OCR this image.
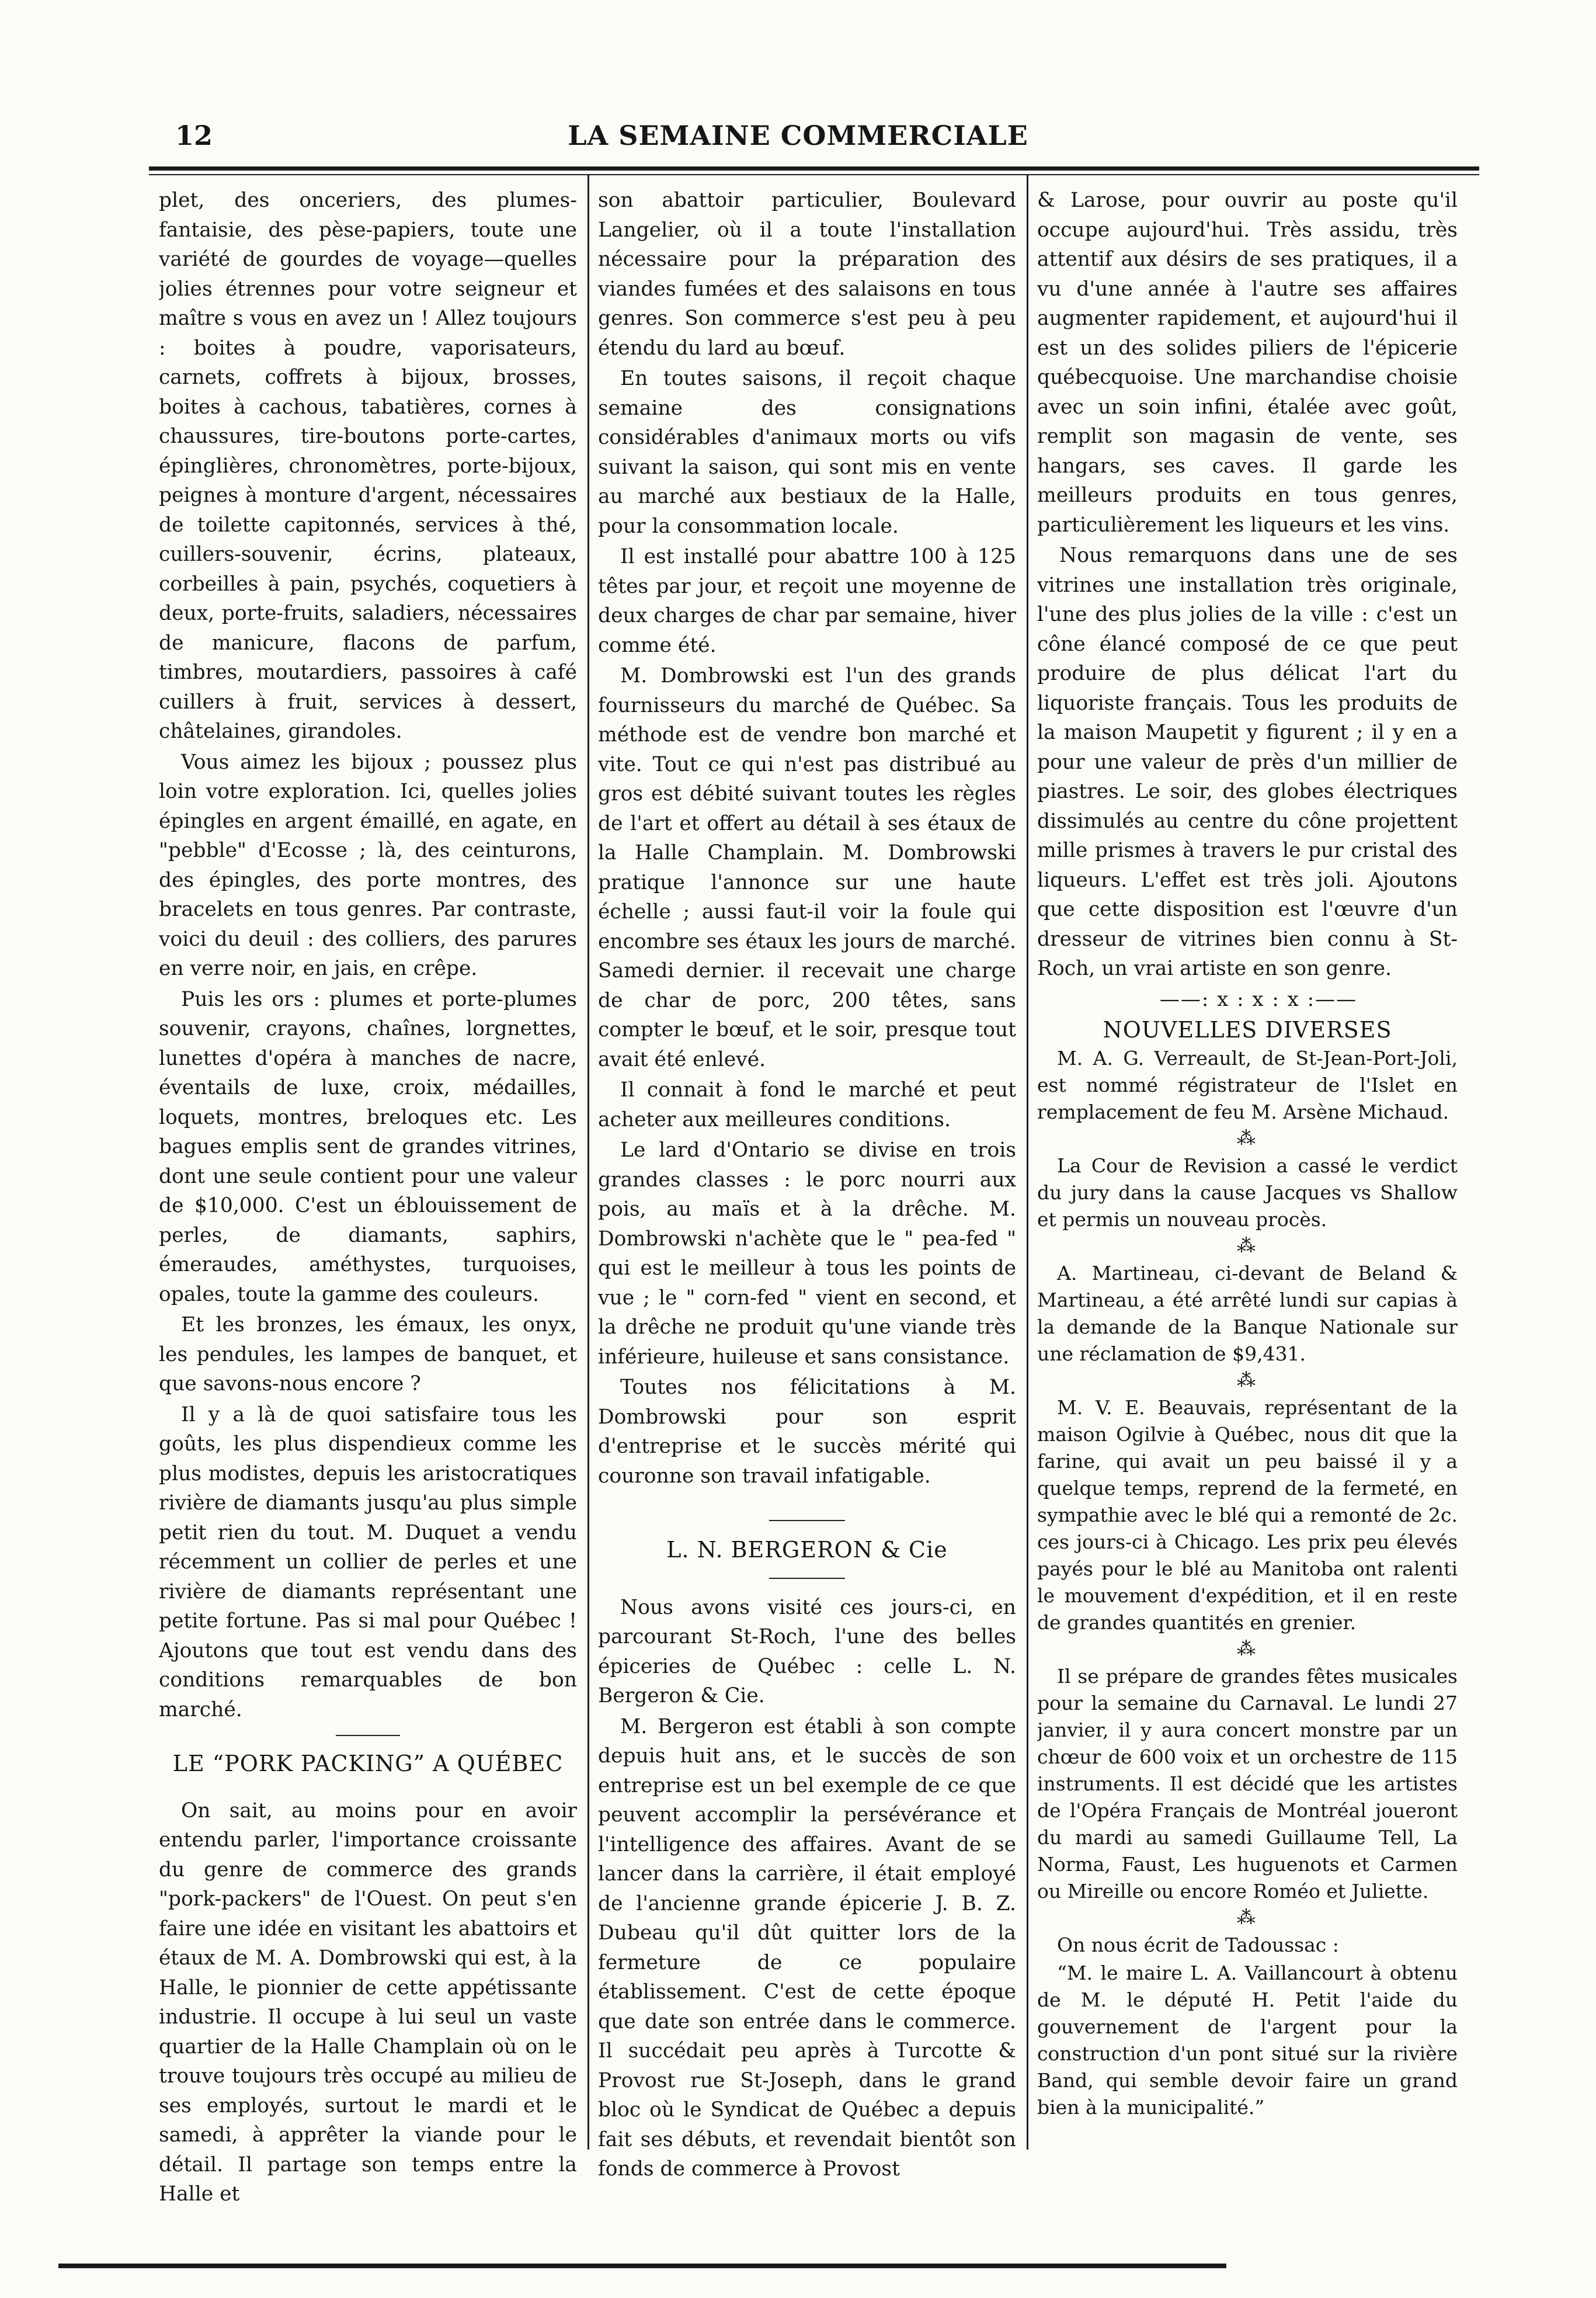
12	LA SEMAINE COMMERCIALE

plet, des onceriers, des plumes-fantaisie, des pèse-papiers, toute une variété de gourdes de voyage—quelles jolies étrennes pour votre seigneur et maître s vous en avez un ! Allez toujours : boites à poudre, vaporisateurs, carnets, coffrets à bijoux, brosses, boites à cachous, tabatières, cornes à chaussures, tire-boutons porte-cartes, épinglières, chronomètres, porte-bijoux, peignes à monture d'argent, nécessaires de toilette capitonnés, services à thé, cuillers-souvenir, écrins, plateaux, corbeilles à pain, psychés, coquetiers à deux, porte-fruits, saladiers, nécessaires de manicure, flacons de parfum, timbres, moutardiers, passoires à café cuillers à fruit, services à dessert, châtelaines, girandoles.

Vous aimez les bijoux ; poussez plus loin votre exploration. Ici, quelles jolies épingles en argent émaillé, en agate, en "pebble" d'Ecosse ; là, des ceinturons, des épingles, des porte montres, des bracelets en tous genres. Par contraste, voici du deuil : des colliers, des parures en verre noir, en jais, en crêpe.

Puis les ors : plumes et porte-plumes souvenir, crayons, chaînes, lorgnettes, lunettes d'opéra à manches de nacre, éventails de luxe, croix, médailles, loquets, montres, breloques etc. Les bagues emplis sent de grandes vitrines, dont une seule contient pour une valeur de $10,000. C'est un éblouissement de perles, de diamants, saphirs, émeraudes, améthystes, turquoises, opales, toute la gamme des couleurs.

Et les bronzes, les émaux, les onyx, les pendules, les lampes de banquet, et que savons-nous encore ?

Il y a là de quoi satisfaire tous les goûts, les plus dispendieux comme les plus modistes, depuis les aristocratiques rivière de diamants jusqu'au plus simple petit rien du tout. M. Duquet a vendu récemment un collier de perles et une rivière de diamants représentant une petite fortune. Pas si mal pour Québec ! Ajoutons que tout est vendu dans des conditions remarquables de bon marché.

LE “PORK PACKING” A QUÉBEC

On sait, au moins pour en avoir entendu parler, l'importance croissante du genre de commerce des grands "pork-packers" de l'Ouest. On peut s'en faire une idée en visitant les abattoirs et étaux de M. A. Dombrowski qui est, à la Halle, le pionnier de cette appétissante industrie. Il occupe à lui seul un vaste quartier de la Halle Champlain où on le trouve toujours très occupé au milieu de ses employés, surtout le mardi et le samedi, à apprêter la viande pour le détail. Il partage son temps entre la Halle et

son abattoir particulier, Boulevard Langelier, où il a toute l'installation nécessaire pour la préparation des viandes fumées et des salaisons en tous genres. Son commerce s'est peu à peu étendu du lard au bœuf.

En toutes saisons, il reçoit chaque semaine des consignations considérables d'animaux morts ou vifs suivant la saison, qui sont mis en vente au marché aux bestiaux de la Halle, pour la consommation locale.

Il est installé pour abattre 100 à 125 têtes par jour, et reçoit une moyenne de deux charges de char par semaine, hiver comme été.

M. Dombrowski est l'un des grands fournisseurs du marché de Québec. Sa méthode est de vendre bon marché et vite. Tout ce qui n'est pas distribué au gros est débité suivant toutes les règles de l'art et offert au détail à ses étaux de la Halle Champlain. M. Dombrowski pratique l'annonce sur une haute échelle ; aussi faut-il voir la foule qui encombre ses étaux les jours de marché. Samedi dernier. il recevait une charge de char de porc, 200 têtes, sans compter le bœuf, et le soir, presque tout avait été enlevé.

Il connait à fond le marché et peut acheter aux meilleures conditions.

Le lard d'Ontario se divise en trois grandes classes : le porc nourri aux pois, au maïs et à la drêche. M. Dombrowski n'achète que le " pea-fed " qui est le meilleur à tous les points de vue ; le " corn-fed " vient en second, et la drêche ne produit qu'une viande très inférieure, huileuse et sans consistance.

Toutes nos félicitations à M. Dombrowski pour son esprit d'entreprise et le succès mérité qui couronne son travail infatigable.

L. N. BERGERON & Cie

Nous avons visité ces jours-ci, en parcourant St-Roch, l'une des belles épiceries de Québec : celle L. N. Bergeron & Cie.

M. Bergeron est établi à son compte depuis huit ans, et le succès de son entreprise est un bel exemple de ce que peuvent accomplir la persévérance et l'intelligence des affaires. Avant de se lancer dans la carrière, il était employé de l'ancienne grande épicerie J. B. Z. Dubeau qu'il dût quitter lors de la fermeture de ce populaire établissement. C'est de cette époque que date son entrée dans le commerce. Il succédait peu après à Turcotte & Provost rue St-Joseph, dans le grand bloc où le Syndicat de Québec a depuis fait ses débuts, et revendait bientôt son fonds de commerce à Provost

& Larose, pour ouvrir au poste qu'il occupe aujourd'hui. Très assidu, très attentif aux désirs de ses pratiques, il a vu d'une année à l'autre ses affaires augmenter rapidement, et aujourd'hui il est un des solides piliers de l'épicerie québecquoise. Une marchandise choisie avec un soin infini, étalée avec goût, remplit son magasin de vente, ses hangars, ses caves. Il garde les meilleurs produits en tous genres, particulièrement les liqueurs et les vins.

Nous remarquons dans une de ses vitrines une installation très originale, l'une des plus jolies de la ville : c'est un cône élancé composé de ce que peut produire de plus délicat l'art du liquoriste français. Tous les produits de la maison Maupetit y figurent ; il y en a pour une valeur de près d'un millier de piastres. Le soir, des globes électriques dissimulés au centre du cône projettent mille prismes à travers le pur cristal des liqueurs. L'effet est très joli. Ajoutons que cette disposition est l'œuvre d'un dresseur de vitrines bien connu à St-Roch, un vrai artiste en son genre.

——: x : x : x :——

NOUVELLES DIVERSES

M. A. G. Verreault, de St-Jean-Port-Joli, est nommé régistrateur de l'Islet en remplacement de feu M. Arsène Michaud.

⁂

La Cour de Revision a cassé le verdict du jury dans la cause Jacques vs Shallow et permis un nouveau procès.

⁂

A. Martineau, ci-devant de Beland & Martineau, a été arrêté lundi sur capias à la demande de la Banque Nationale sur une réclamation de $9,431.

⁂

M. V. E. Beauvais, représentant de la maison Ogilvie à Québec, nous dit que la farine, qui avait un peu baissé il y a quelque temps, reprend de la fermeté, en sympathie avec le blé qui a remonté de 2c. ces jours-ci à Chicago. Les prix peu élevés payés pour le blé au Manitoba ont ralenti le mouvement d'expédition, et il en reste de grandes quantités en grenier.

⁂

Il se prépare de grandes fêtes musicales pour la semaine du Carnaval. Le lundi 27 janvier, il y aura concert monstre par un chœur de 600 voix et un orchestre de 115 instruments. Il est décidé que les artistes de l'Opéra Français de Montréal joueront du mardi au samedi Guillaume Tell, La Norma, Faust, Les huguenots et Carmen ou Mireille ou encore Roméo et Juliette.

⁂

On nous écrit de Tadoussac :

“M. le maire L. A. Vaillancourt à obtenu de M. le député H. Petit l'aide du gouvernement de l'argent pour la construction d'un pont situé sur la rivière Band, qui semble devoir faire un grand bien à la municipalité.”
